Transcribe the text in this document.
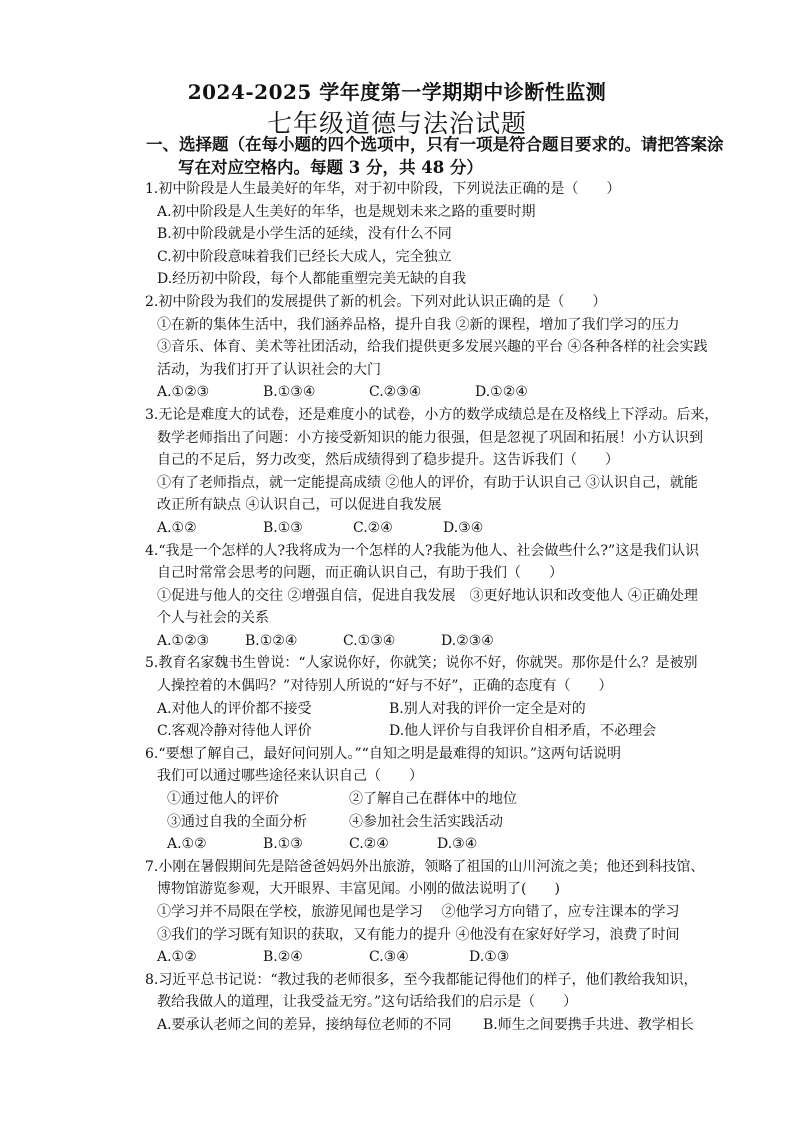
2024-2025 学年度第一学期期中诊断性监测
七年级道德与法治试题
一、选择题（在每小题的四个选项中，只有一项是符合题目要求的。请把答案涂
写在对应空格内。每题 3 分，共 48 分）
1.初中阶段是人生最美好的年华，对于初中阶段，下列说法正确的是（　　）
A.初中阶段是人生美好的年华，也是规划未来之路的重要时期
B.初中阶段就是小学生活的延续，没有什么不同
C.初中阶段意味着我们已经长大成人，完全独立
D.经历初中阶段，每个人都能重塑完美无缺的自我
2.初中阶段为我们的发展提供了新的机会。下列对此认识正确的是（　　）
①在新的集体生活中，我们涵养品格，提升自我 ②新的课程，增加了我们学习的压力
③音乐、体育、美术等社团活动，给我们提供更多发展兴趣的平台 ④各种各样的社会实践
活动，为我们打开了认识社会的大门
A.①②③	B.①③④	C.②③④	D.①②④
3.无论是难度大的试卷，还是难度小的试卷，小方的数学成绩总是在及格线上下浮动。后来，
数学老师指出了问题：小方接受新知识的能力很强，但是忽视了巩固和拓展！小方认识到
自己的不足后，努力改变，然后成绩得到了稳步提升。这告诉我们（　　）
①有了老师指点，就一定能提高成绩 ②他人的评价，有助于认识自己 ③认识自己，就能
改正所有缺点 ④认识自己，可以促进自我发展
A.①②	B.①③	C.②④	D.③④
4.“我是一个怎样的人?我将成为一个怎样的人?我能为他人、社会做些什么?”这是我们认识
自己时常常会思考的问题，而正确认识自己，有助于我们（　　）
①促进与他人的交往 ②增强自信，促进自我发展　③更好地认识和改变他人 ④正确处理
个人与社会的关系
A.①②③	B.①②④	C.①③④	D.②③④
5.教育名家魏书生曾说：“人家说你好，你就笑；说你不好，你就哭。那你是什么？是被别
人操控着的木偶吗？”对待别人所说的“好与不好”，正确的态度有（　　）
A.对他人的评价都不接受	B.别人对我的评价一定全是对的
C.客观冷静对待他人评价	D.他人评价与自我评价自相矛盾，不必理会
6.“要想了解自己，最好问问别人。”“自知之明是最难得的知识。”这两句话说明
我们可以通过哪些途径来认识自己（　　）
①通过他人的评价	②了解自己在群体中的地位
③通过自我的全面分析	④参加社会生活实践活动
A.①②	B.①③	C.②④	D.③④
7.小刚在暑假期间先是陪爸爸妈妈外出旅游，领略了祖国的山川河流之美；他还到科技馆、
博物馆游览参观，大开眼界、丰富见闻。小刚的做法说明了(　　)
①学习并不局限在学校，旅游见闻也是学习　 ②他学习方向错了，应专注课本的学习
③我们的学习既有知识的获取，又有能力的提升 ④他没有在家好好学习，浪费了时间
A.①②	B.②④	C.③④	D.①③
8.习近平总书记说：“教过我的老师很多，至今我都能记得他们的样子，他们教给我知识，
教给我做人的道理，让我受益无穷。”这句话给我们的启示是（　　）
A.要承认老师之间的差异，接纳每位老师的不同	B.师生之间要携手共进、教学相长
